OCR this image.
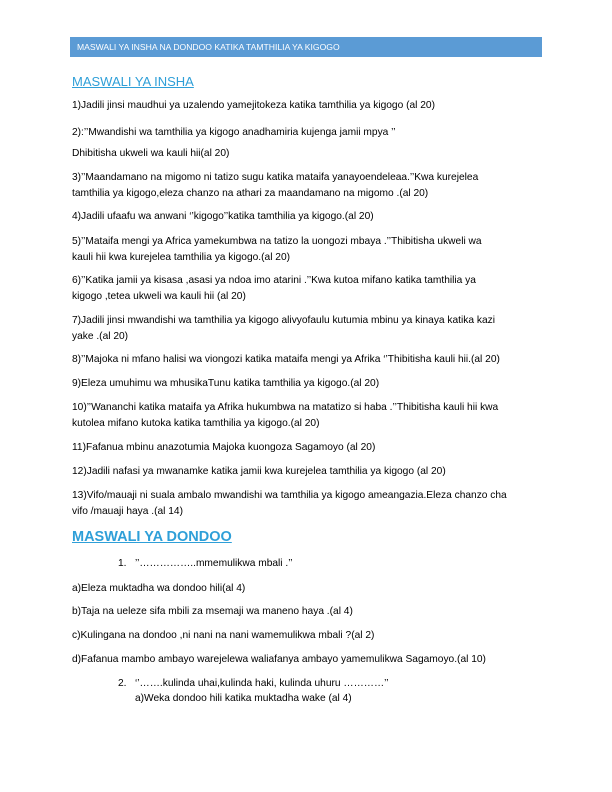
MASWALI YA INSHA NA DONDOO KATIKA TAMTHILIA YA KIGOGO
MASWALI YA INSHA
1)Jadili jinsi maudhui ya uzalendo yamejitokeza katika tamthilia ya kigogo (al 20)
2):’’Mwandishi wa tamthilia ya kigogo anadhamiria kujenga jamii mpya ’’
Dhibitisha ukweli wa kauli hii(al 20)
3)’’Maandamano na migomo ni tatizo sugu katika mataifa yanayoendeleaa.’’Kwa kurejelea
tamthilia ya kigogo,eleza chanzo na athari za maandamano na migomo .(al 20)
4)Jadili ufaafu wa anwani ‘’kigogo’’katika tamthilia ya kigogo.(al 20)
5)’’Mataifa mengi ya Africa yamekumbwa na tatizo la uongozi mbaya .’’Thibitisha ukweli wa
kauli hii kwa kurejelea tamthilia ya kigogo.(al 20)
6)’’Katika jamii ya kisasa ,asasi ya ndoa imo atarini .’’Kwa kutoa mifano katika tamthilia ya
kigogo ,tetea ukweli wa kauli hii (al 20)
7)Jadili jinsi mwandishi wa tamthilia ya kigogo alivyofaulu kutumia mbinu ya kinaya katika kazi
yake .(al 20)
8)’’Majoka ni mfano halisi wa viongozi katika mataifa mengi ya Afrika ‘’Thibitisha kauli hii.(al 20)
9)Eleza umuhimu wa mhusikaTunu katika tamthilia ya kigogo.(al 20)
10)’’Wananchi katika mataifa ya Afrika hukumbwa na matatizo si haba .’’Thibitisha kauli hii kwa
kutolea mifano kutoka katika tamthilia ya kigogo.(al 20)
11)Fafanua mbinu anazotumia Majoka kuongoza Sagamoyo (al 20)
12)Jadili nafasi ya mwanamke katika jamii kwa kurejelea tamthilia ya kigogo (al 20)
13)Vifo/mauaji ni suala ambalo mwandishi wa tamthilia ya kigogo ameangazia.Eleza chanzo cha
vifo /mauaji haya .(al 14)
MASWALI YA DONDOO
1. ’’……………..mmemulikwa mbali .’’
a)Eleza muktadha wa dondoo hili(al 4)
b)Taja na ueleze sifa mbili za msemaji wa maneno haya .(al 4)
c)Kulingana na dondoo ,ni nani na nani wamemulikwa mbali ?(al 2)
d)Fafanua mambo ambayo warejelewa waliafanya ambayo yamemulikwa Sagamoyo.(al 10)
2. ‘’…….kulinda uhai,kulinda haki, kulinda uhuru …………’’
a)Weka dondoo hili katika muktadha wake (al 4)
